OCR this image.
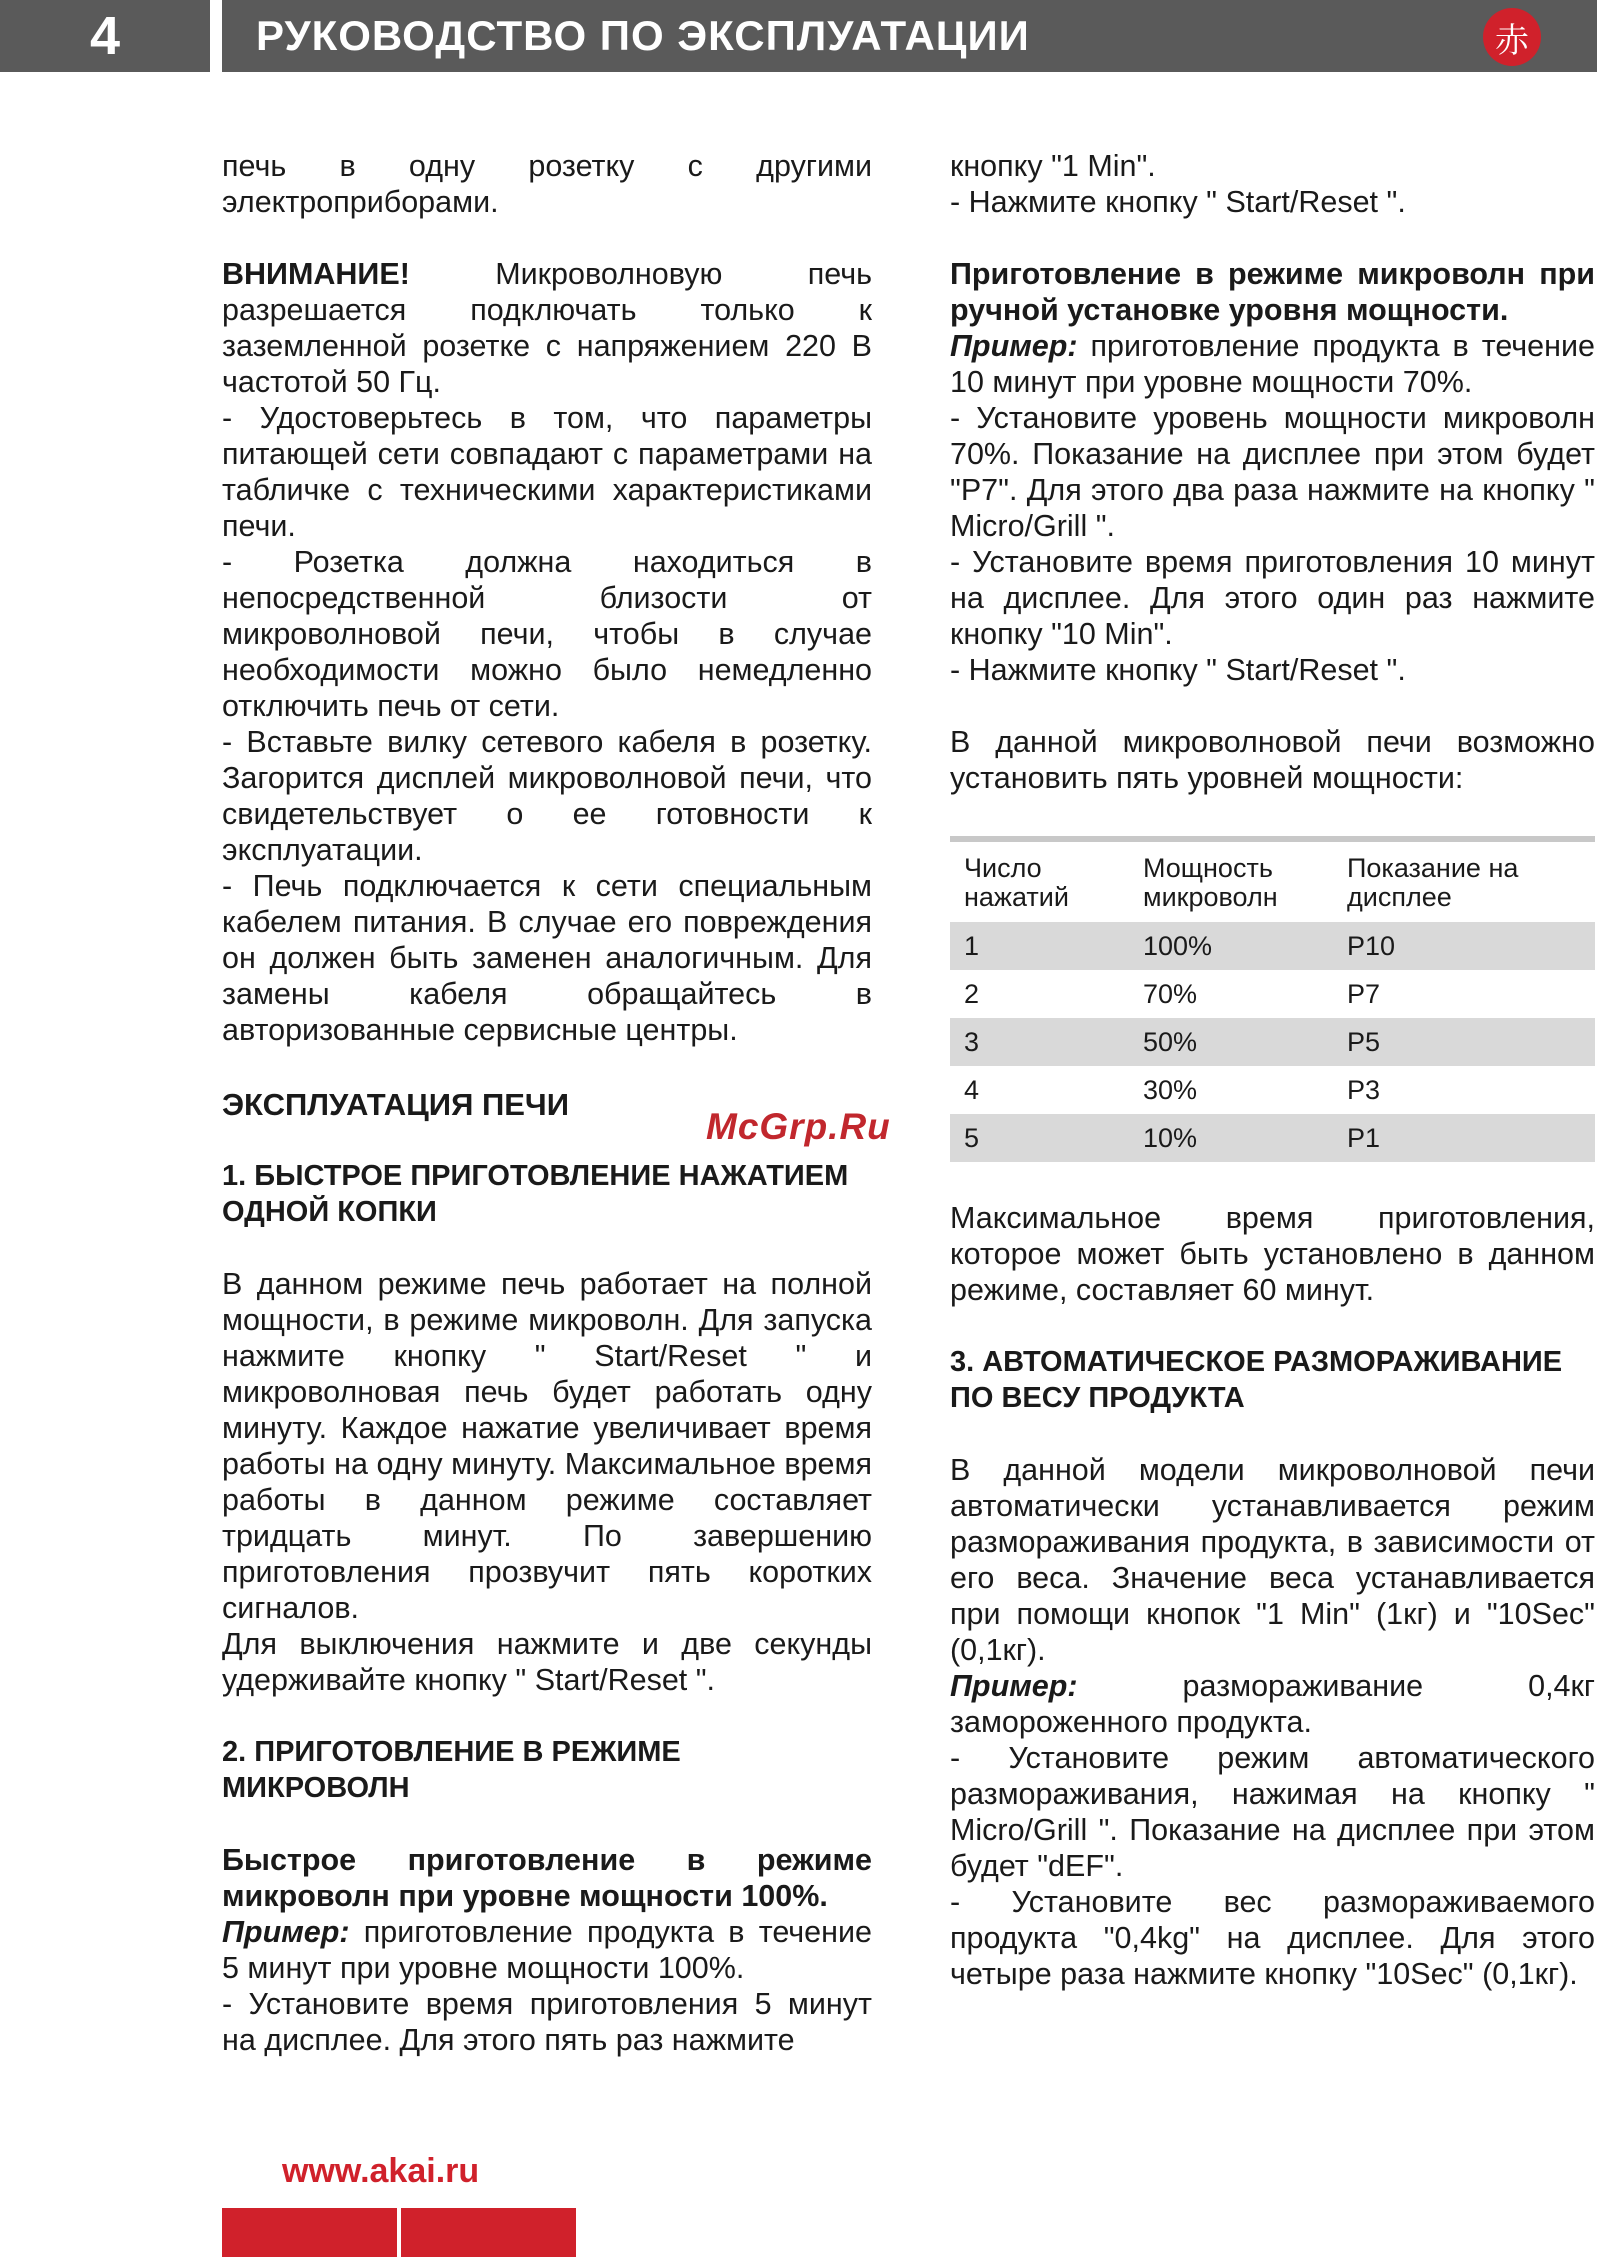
4	РУКОВОДСТВО ПО ЭКСПЛУАТАЦИИ	赤

печь в одну розетку с другими электроприборами.

ВНИМАНИЕ! Микроволновую печь разрешается подключать только к заземленной розетке с напряжением 220 В частотой 50 Гц.

- Удостоверьтесь в том, что параметры питающей сети совпадают с параметрами на табличке с техническими характеристиками печи.

- Розетка должна находиться в непосредственной близости от микроволновой печи, чтобы в случае необходимости можно было немедленно отключить печь от сети.

- Вставьте вилку сетевого кабеля в розетку. Загорится дисплей микроволновой печи, что свидетельствует о ее готовности к эксплуатации.

- Печь подключается к сети специальным кабелем питания. В случае его повреждения он должен быть заменен аналогичным. Для замены кабеля обращайтесь в авторизованные сервисные центры.

ЭКСПЛУАТАЦИЯ ПЕЧИ
1. БЫСТРОЕ ПРИГОТОВЛЕНИЕ НАЖАТИЕМ ОДНОЙ КОПКИ

В данном режиме печь работает на полной мощности, в режиме микроволн. Для запуска нажмите кнопку " Start/Reset " и микроволновая печь будет работать одну минуту. Каждое нажатие увеличивает время работы на одну минуту. Максимальное время работы в данном режиме составляет тридцать минут. По завершению приготовления прозвучит пять коротких сигналов.

Для выключения нажмите и две секунды удерживайте кнопку " Start/Reset ".

2. ПРИГОТОВЛЕНИЕ В РЕЖИМЕ МИКРОВОЛН

Быстрое приготовление в режиме микроволн при уровне мощности 100%.

Пример: приготовление продукта в течение 5 минут при уровне мощности 100%.

- Установите время приготовления 5 минут на дисплее. Для этого пять раз нажмите

McGrp.Ru

кнопку "1 Min".

- Нажмите кнопку " Start/Reset ".

Приготовление в режиме микроволн при ручной установке уровня мощности.

Пример: приготовление продукта в течение 10 минут при уровне мощности 70%.

- Установите уровень мощности микроволн 70%. Показание на дисплее при этом будет "P7". Для этого два раза нажмите на кнопку " Micro/Grill ".

- Установите время приготовления 10 минут на дисплее. Для этого один раз нажмите кнопку "10 Min".

- Нажмите кнопку " Start/Reset ".

В данной микроволновой печи возможно установить пять уровней мощности:

Число нажатий	Мощность микроволн	Показание на дисплее
1	100%	P10
2	70%	P7
3	50%	P5
4	30%	P3
5	10%	P1

Максимальное время приготовления, которое может быть установлено в данном режиме, составляет 60 минут.

3. АВТОМАТИЧЕСКОЕ РАЗМОРАЖИВАНИЕ ПО ВЕСУ ПРОДУКТА

В данной модели микроволновой печи автоматически устанавливается режим размораживания продукта, в зависимости от его веса. Значение веса устанавливается при помощи кнопок "1 Min" (1кг) и "10Sec" (0,1кг).

Пример: размораживание 0,4кг замороженного продукта.

- Установите режим автоматического размораживания, нажимая на кнопку " Micro/Grill ". Показание на дисплее при этом будет "dEF".

- Установите вес размораживаемого продукта "0,4kg" на дисплее. Для этого четыре раза нажмите кнопку "10Sec" (0,1кг).

www.akai.ru
